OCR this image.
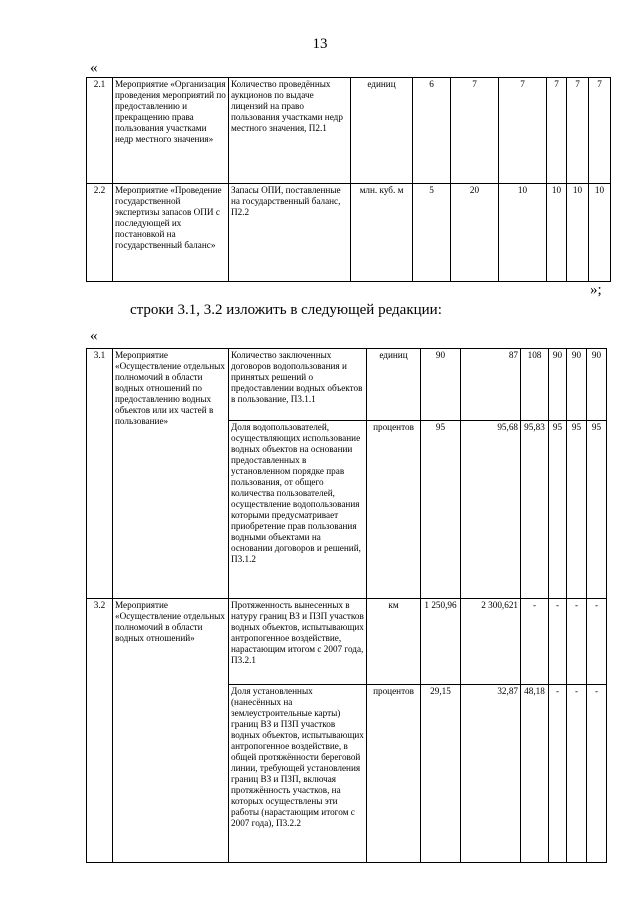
13
«
2.1	Мероприятие «Организация проведения мероприятий по предоставлению и прекращению права пользования участками недр местного значения»	Количество проведённых аукционов по выдаче лицензий на право пользования участками недр местного значения, П2.1	единиц	6	7	7	7	7	7
2.2	Мероприятие «Проведение государственной экспертизы запасов ОПИ с последующей их постановкой на государственный баланс»	Запасы ОПИ, поставленные на государственный баланс, П2.2	млн. куб. м	5	20	10	10	10	10
»;
строки 3.1, 3.2 изложить в следующей редакции:
«
3.1	Мероприятие «Осуществление отдельных полномочий в области водных отношений по предоставлению водных объектов или их частей в пользование»	Количество заключенных договоров водопользования и принятых решений о предоставлении водных объектов в пользование, П3.1.1	единиц	90	87	108	90	90	90
		Доля водопользователей, осуществляющих использование водных объектов на основании предоставленных в установленном порядке прав пользования, от общего количества пользователей, осуществление водопользования которыми предусматривает приобретение прав пользования водными объектами на основании договоров и решений, П3.1.2	процентов	95	95,68	95,83	95	95	95
3.2	Мероприятие «Осуществление отдельных полномочий в области водных отношений»	Протяженность вынесенных в натуру границ ВЗ и ПЗП участков водных объектов, испытывающих антропогенное воздействие, нарастающим итогом с 2007 года, П3.2.1	км	1 250,96	2 300,621	-	-	-	-
		Доля установленных (нанесённых на землеустроительные карты) границ ВЗ и ПЗП участков водных объектов, испытывающих антропогенное воздействие, в общей протяжённости береговой линии, требующей установления границ ВЗ и ПЗП, включая протяжённость участков, на которых осуществлены эти работы (нарастающим итогом с 2007 года), П3.2.2	процентов	29,15	32,87	48,18	-	-	-
